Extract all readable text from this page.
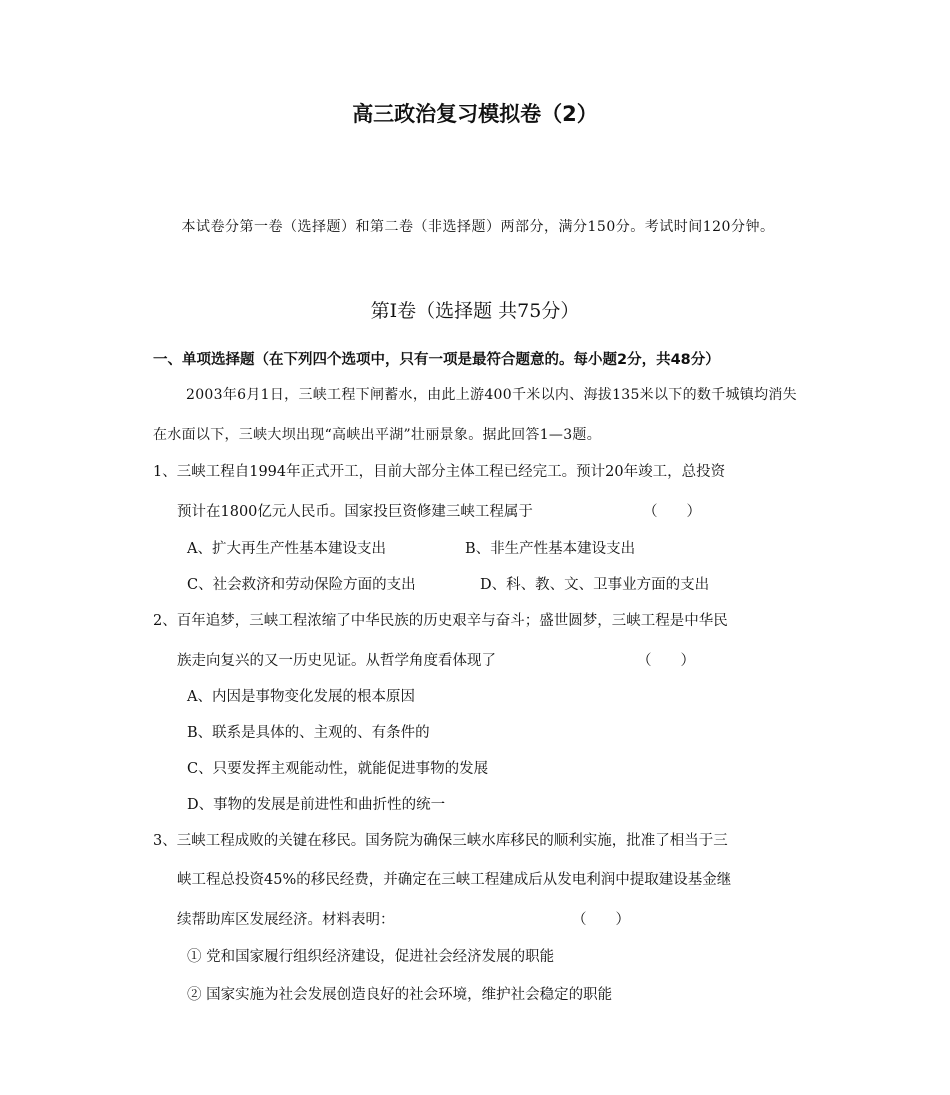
高三政治复习模拟卷（2）
本试卷分第一卷（选择题）和第二卷（非选择题）两部分，满分150分。考试时间120分钟。
第Ⅰ卷（选择题 共75分）
一、单项选择题（在下列四个选项中，只有一项是最符合题意的。每小题2分，共48分）
2003年6月1日，三峡工程下闸蓄水，由此上游400千米以内、海拔135米以下的数千城镇均消失在水面以下，三峡大坝出现“高峡出平湖”壮丽景象。据此回答1—3题。
1、三峡工程自1994年正式开工，目前大部分主体工程已经完工。预计20年竣工，总投资
预计在1800亿元人民币。国家投巨资修建三峡工程属于	（　　）
A、扩大再生产性基本建设支出	B、非生产性基本建设支出
C、社会救济和劳动保险方面的支出	D、科、教、文、卫事业方面的支出
2、百年追梦，三峡工程浓缩了中华民族的历史艰辛与奋斗；盛世圆梦，三峡工程是中华民
族走向复兴的又一历史见证。从哲学角度看体现了	（　　）
A、内因是事物变化发展的根本原因
B、联系是具体的、主观的、有条件的
C、只要发挥主观能动性，就能促进事物的发展
D、事物的发展是前进性和曲折性的统一
3、三峡工程成败的关键在移民。国务院为确保三峡水库移民的顺利实施，批准了相当于三
峡工程总投资45%的移民经费，并确定在三峡工程建成后从发电利润中提取建设基金继
续帮助库区发展经济。材料表明：	（　　）
① 党和国家履行组织经济建设，促进社会经济发展的职能
② 国家实施为社会发展创造良好的社会环境，维护社会稳定的职能
